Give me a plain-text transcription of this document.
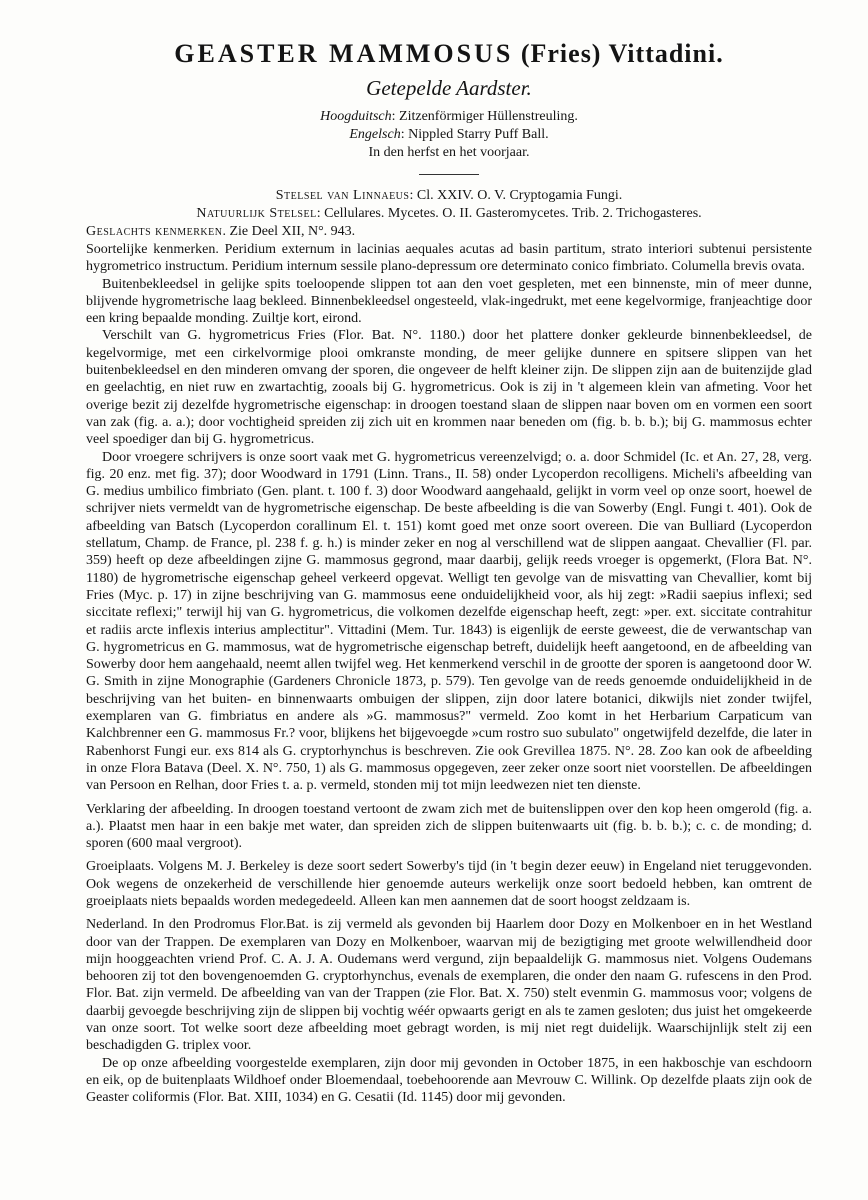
GEASTER MAMMOSUS (Fries) Vittadini.
Getepelde Aardster.

Hoogduitsch: Zitzenförmiger Hüllenstreuling.

Engelsch: Nippled Starry Puff Ball.

In den herfst en het voorjaar.

Stelsel van Linnaeus: Cl. XXIV. O. V. Cryptogamia Fungi.

Natuurlijk Stelsel: Cellulares. Mycetes. O. II. Gasteromycetes. Trib. 2. Trichogasteres.

Geslachts kenmerken. Zie Deel XII, N°. 943.

Soortelijke kenmerken. Peridium externum in lacinias aequales acutas ad basin partitum, strato interiori subtenui persistente hygrometrico instructum. Peridium internum sessile plano-depressum ore determinato conico fimbriato. Columella brevis ovata.

Buitenbekleedsel in gelijke spits toeloopende slippen tot aan den voet gespleten, met een binnenste, min of meer dunne, blijvende hygrometrische laag bekleed. Binnenbekleedsel ongesteeld, vlak-ingedrukt, met eene kegelvormige, franjeachtige door een kring bepaalde monding. Zuiltje kort, eirond.

Verschilt van G. hygrometricus Fries (Flor. Bat. N°. 1180.) door het plattere donker gekleurde binnenbekleedsel, de kegelvormige, met een cirkelvormige plooi omkranste monding, de meer gelijke dunnere en spitsere slippen van het buitenbekleedsel en den minderen omvang der sporen, die ongeveer de helft kleiner zijn. De slippen zijn aan de buitenzijde glad en geelachtig, en niet ruw en zwartachtig, zooals bij G. hygrometricus. Ook is zij in 't algemeen klein van afmeting. Voor het overige bezit zij dezelfde hygrometrische eigenschap: in droogen toestand slaan de slippen naar boven om en vormen een soort van zak (fig. a. a.); door vochtigheid spreiden zij zich uit en krommen naar beneden om (fig. b. b. b.); bij G. mammosus echter veel spoediger dan bij G. hygrometricus.

Door vroegere schrijvers is onze soort vaak met G. hygrometricus vereenzelvigd; o. a. door Schmidel (Ic. et An. 27, 28, verg. fig. 20 enz. met fig. 37); door Woodward in 1791 (Linn. Trans., II. 58) onder Lycoperdon recolligens. Micheli's afbeelding van G. medius umbilico fimbriato (Gen. plant. t. 100 f. 3) door Woodward aangehaald, gelijkt in vorm veel op onze soort, hoewel de schrijver niets vermeldt van de hygrometrische eigenschap. De beste afbeelding is die van Sowerby (Engl. Fungi t. 401). Ook de afbeelding van Batsch (Lycoperdon corallinum El. t. 151) komt goed met onze soort overeen. Die van Bulliard (Lycoperdon stellatum, Champ. de France, pl. 238 f. g. h.) is minder zeker en nog al verschillend wat de slippen aangaat. Chevallier (Fl. par. 359) heeft op deze afbeeldingen zijne G. mammosus gegrond, maar daarbij, gelijk reeds vroeger is opgemerkt, (Flora Bat. N°. 1180) de hygrometrische eigenschap geheel verkeerd opgevat. Welligt ten gevolge van de misvatting van Chevallier, komt bij Fries (Myc. p. 17) in zijne beschrijving van G. mammosus eene onduidelijkheid voor, als hij zegt: »Radii saepius inflexi; sed siccitate reflexi;" terwijl hij van G. hygrometricus, die volkomen dezelfde eigenschap heeft, zegt: »per. ext. siccitate contrahitur et radiis arcte inflexis interius amplectitur". Vittadini (Mem. Tur. 1843) is eigenlijk de eerste geweest, die de verwantschap van G. hygrometricus en G. mammosus, wat de hygrometrische eigenschap betreft, duidelijk heeft aangetoond, en de afbeelding van Sowerby door hem aangehaald, neemt allen twijfel weg. Het kenmerkend verschil in de grootte der sporen is aangetoond door W. G. Smith in zijne Monographie (Gardeners Chronicle 1873, p. 579). Ten gevolge van de reeds genoemde onduidelijkheid in de beschrijving van het buiten- en binnenwaarts ombuigen der slippen, zijn door latere botanici, dikwijls niet zonder twijfel, exemplaren van G. fimbriatus en andere als »G. mammosus?" vermeld. Zoo komt in het Herbarium Carpaticum van Kalchbrenner een G. mammosus Fr.? voor, blijkens het bijgevoegde »cum rostro suo subulato" ongetwijfeld dezelfde, die later in Rabenhorst Fungi eur. exs 814 als G. cryptorhynchus is beschreven. Zie ook Grevillea 1875. N°. 28. Zoo kan ook de afbeelding in onze Flora Batava (Deel. X. N°. 750, 1) als G. mammosus opgegeven, zeer zeker onze soort niet voorstellen. De afbeeldingen van Persoon en Relhan, door Fries t. a. p. vermeld, stonden mij tot mijn leedwezen niet ten dienste.

Verklaring der afbeelding. In droogen toestand vertoont de zwam zich met de buitenslippen over den kop heen omgerold (fig. a. a.). Plaatst men haar in een bakje met water, dan spreiden zich de slippen buitenwaarts uit (fig. b. b. b.); c. c. de monding; d. sporen (600 maal vergroot).

Groeiplaats. Volgens M. J. Berkeley is deze soort sedert Sowerby's tijd (in 't begin dezer eeuw) in Engeland niet teruggevonden. Ook wegens de onzekerheid de verschillende hier genoemde auteurs werkelijk onze soort bedoeld hebben, kan omtrent de groeiplaats niets bepaalds worden medegedeeld. Alleen kan men aannemen dat de soort hoogst zeldzaam is.

Nederland. In den Prodromus Flor.Bat. is zij vermeld als gevonden bij Haarlem door Dozy en Molkenboer en in het Westland door van der Trappen. De exemplaren van Dozy en Molkenboer, waarvan mij de bezigtiging met groote welwillendheid door mijn hooggeachten vriend Prof. C. A. J. A. Oudemans werd vergund, zijn bepaaldelijk G. mammosus niet. Volgens Oudemans behooren zij tot den bovengenoemden G. cryptorhynchus, evenals de exemplaren, die onder den naam G. rufescens in den Prod. Flor. Bat. zijn vermeld. De afbeelding van van der Trappen (zie Flor. Bat. X. 750) stelt evenmin G. mammosus voor; volgens de daarbij gevoegde beschrijving zijn de slippen bij vochtig wéér opwaarts gerigt en als te zamen gesloten; dus juist het omgekeerde van onze soort. Tot welke soort deze afbeelding moet gebragt worden, is mij niet regt duidelijk. Waarschijnlijk stelt zij een beschadigden G. triplex voor.

De op onze afbeelding voorgestelde exemplaren, zijn door mij gevonden in October 1875, in een hakboschje van eschdoorn en eik, op de buitenplaats Wildhoef onder Bloemendaal, toebehoorende aan Mevrouw C. Willink. Op dezelfde plaats zijn ook de Geaster coliformis (Flor. Bat. XIII, 1034) en G. Cesatii (Id. 1145) door mij gevonden.
